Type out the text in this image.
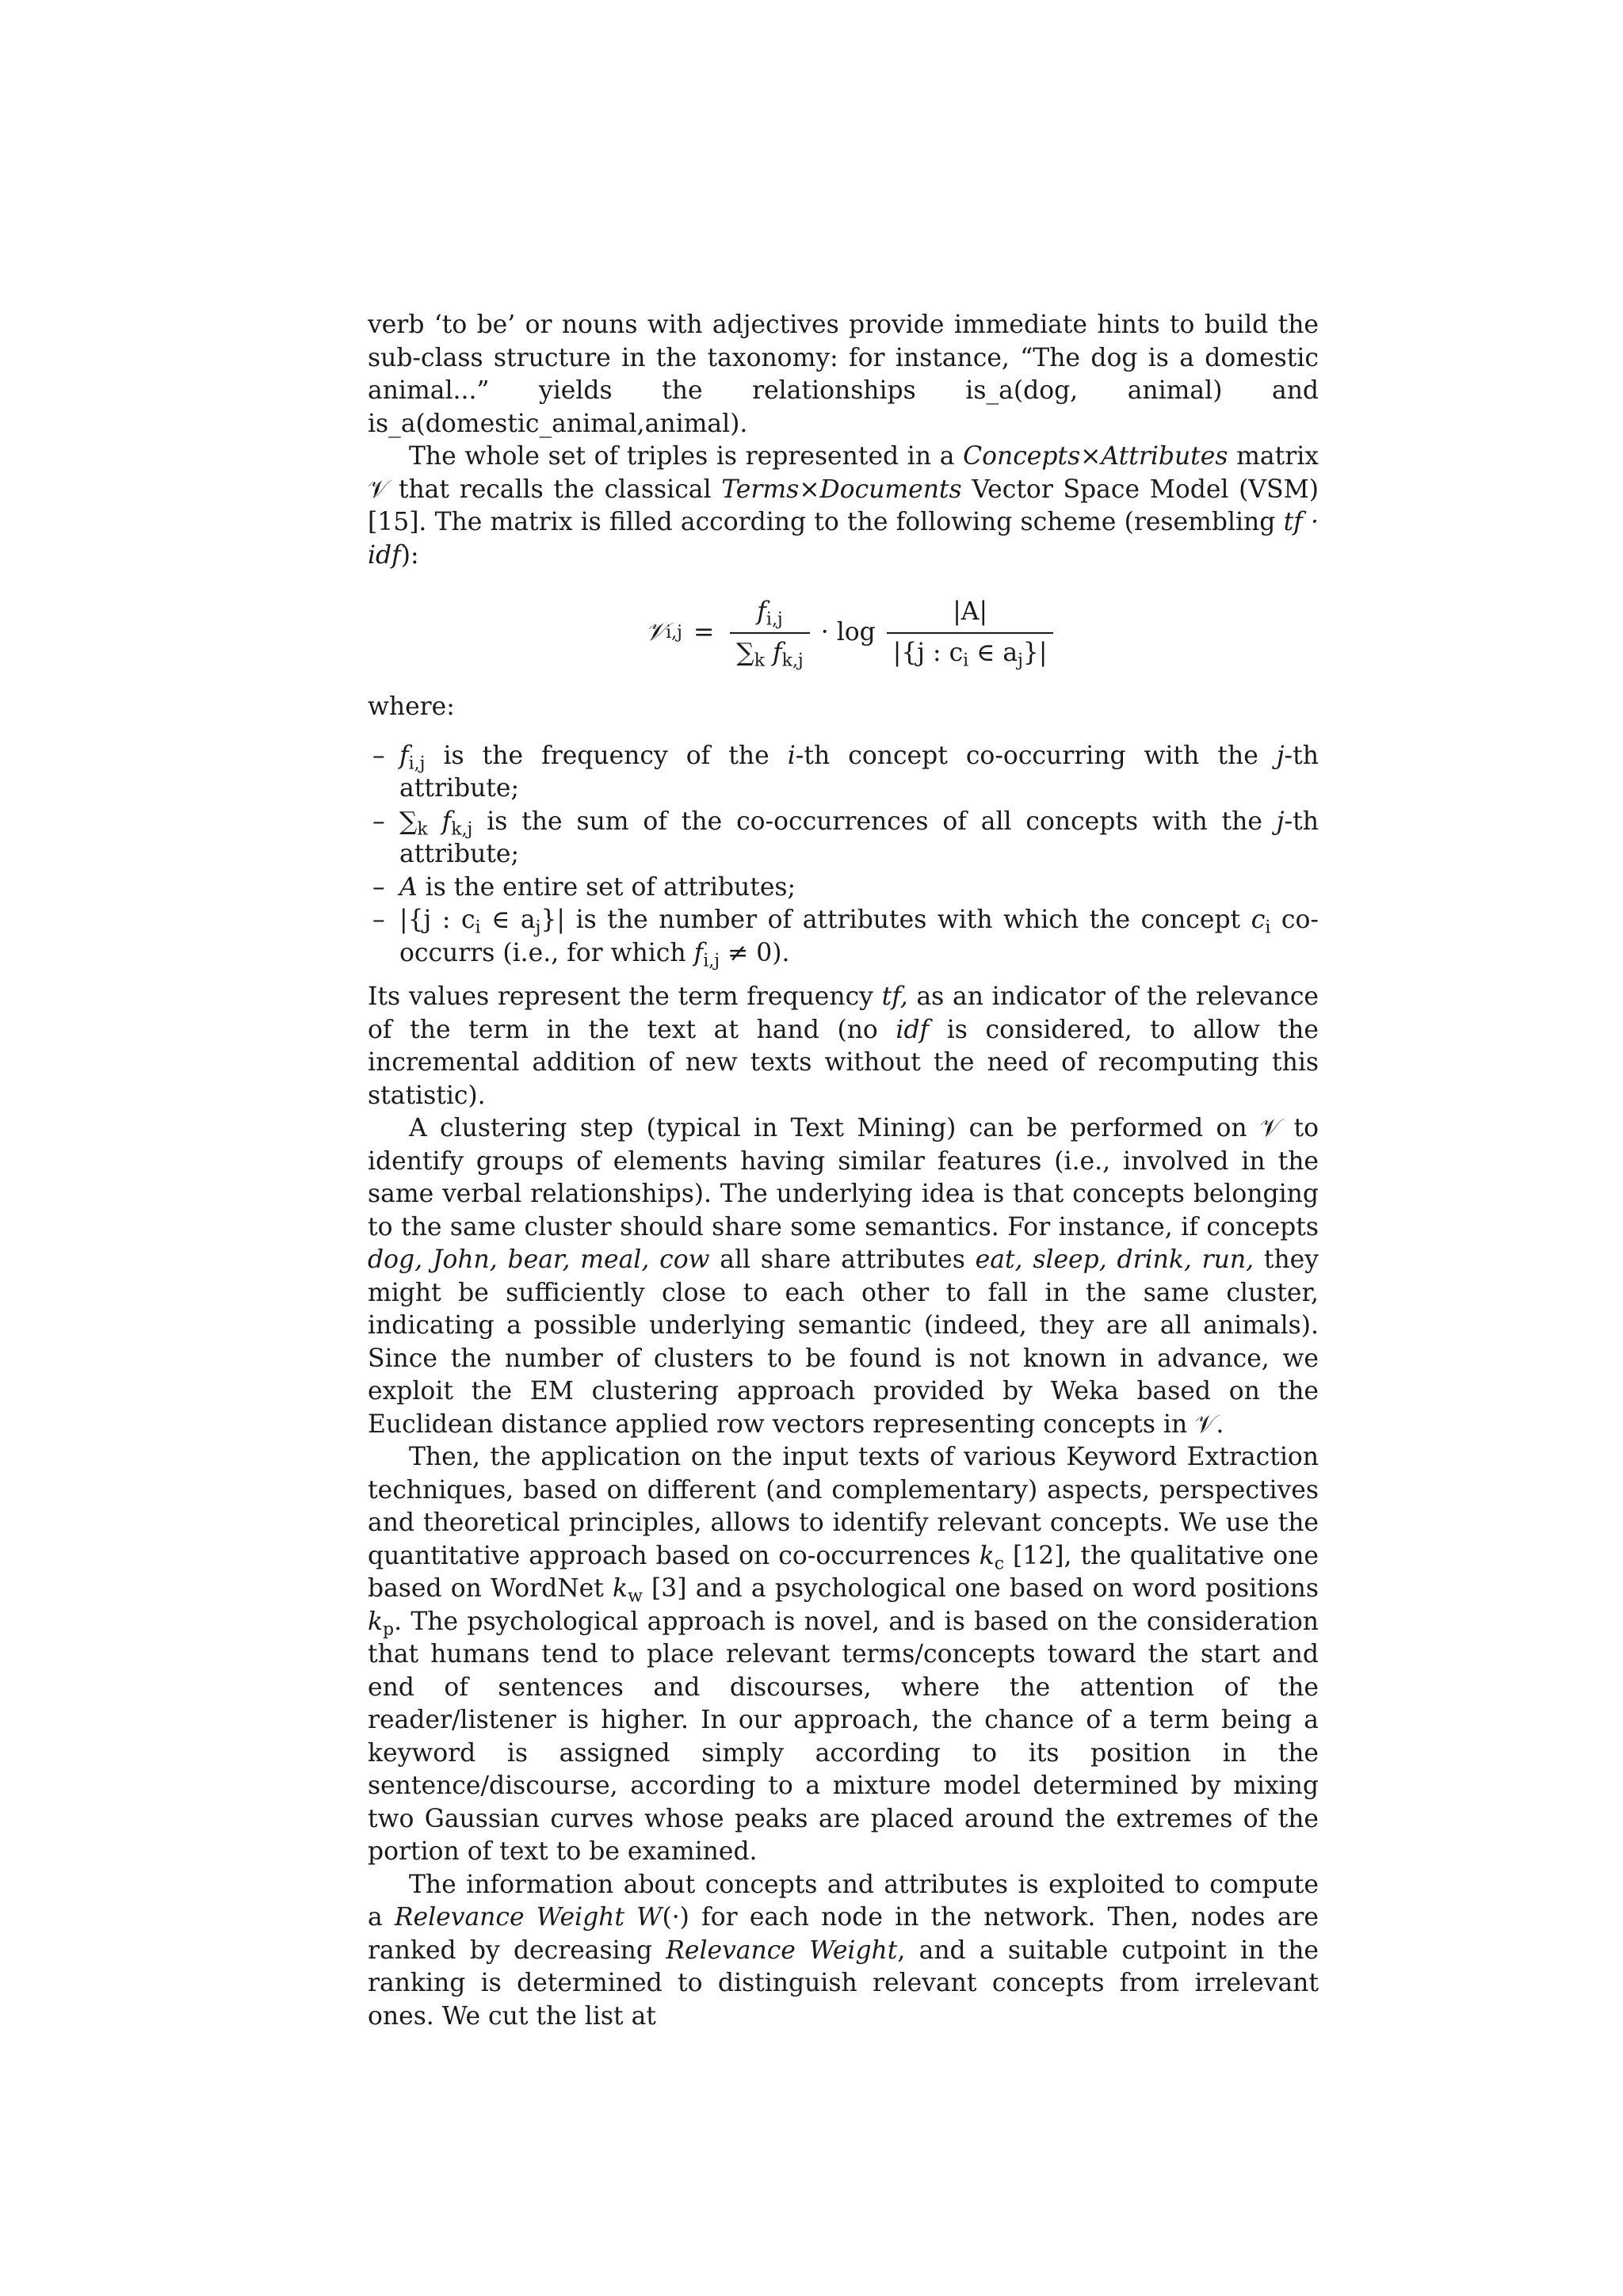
verb ‘to be’ or nouns with adjectives provide immediate hints to build the sub-class structure in the taxonomy: for instance, “The dog is a domestic animal...” yields the relationships is_a(dog, animal) and is_a(domestic_animal,animal).

The whole set of triples is represented in a Concepts×Attributes matrix 𝒱 that recalls the classical Terms×Documents Vector Space Model (VSM) [15]. The matrix is filled according to the following scheme (resembling tf · idf):

𝒱 $i,j = \frac{f_{i,j}}{\sum_k f_{k,j}} \cdot \log \frac{|A|}{|\{j : c_i \in a_j\}|}$

where:

– $f_{i,j}$ is the frequency of the i-th concept co-occurring with the j-th attribute;
– $\sum_k$ $f_{k,j}$ is the sum of the co-occurrences of all concepts with the j-th attribute;
– A is the entire set of attributes;
– |{j : $c_i$ ∈ $a_j\}|$ is the number of attributes with which the concept $c_i$ co-occurrs (i.e., for which $f_{i,j} \ne 0$).

Its values represent the term frequency tf, as an indicator of the relevance of the term in the text at hand (no idf is considered, to allow the incremental addition of new texts without the need of recomputing this statistic).

A clustering step (typical in Text Mining) can be performed on 𝒱 to identify groups of elements having similar features (i.e., involved in the same verbal relationships). The underlying idea is that concepts belonging to the same cluster should share some semantics. For instance, if concepts dog, John, bear, meal, cow all share attributes eat, sleep, drink, run, they might be sufficiently close to each other to fall in the same cluster, indicating a possible underlying semantic (indeed, they are all animals). Since the number of clusters to be found is not known in advance, we exploit the EM clustering approach provided by Weka based on the Euclidean distance applied row vectors representing concepts in 𝒱.

Then, the application on the input texts of various Keyword Extraction techniques, based on different (and complementary) aspects, perspectives and theoretical principles, allows to identify relevant concepts. We use the quantitative approach based on co-occurrences $k_c$ [12], the qualitative one based on WordNet $k_w$ [3] and a psychological one based on word positions $k_p$. The psychological approach is novel, and is based on the consideration that humans tend to place relevant terms/concepts toward the start and end of sentences and discourses, where the attention of the reader/listener is higher. In our approach, the chance of a term being a keyword is assigned simply according to its position in the sentence/discourse, according to a mixture model determined by mixing two Gaussian curves whose peaks are placed around the extremes of the portion of text to be examined.

The information about concepts and attributes is exploited to compute a Relevance Weight W(·) for each node in the network. Then, nodes are ranked by decreasing Relevance Weight, and a suitable cutpoint in the ranking is determined to distinguish relevant concepts from irrelevant ones. We cut the list at
